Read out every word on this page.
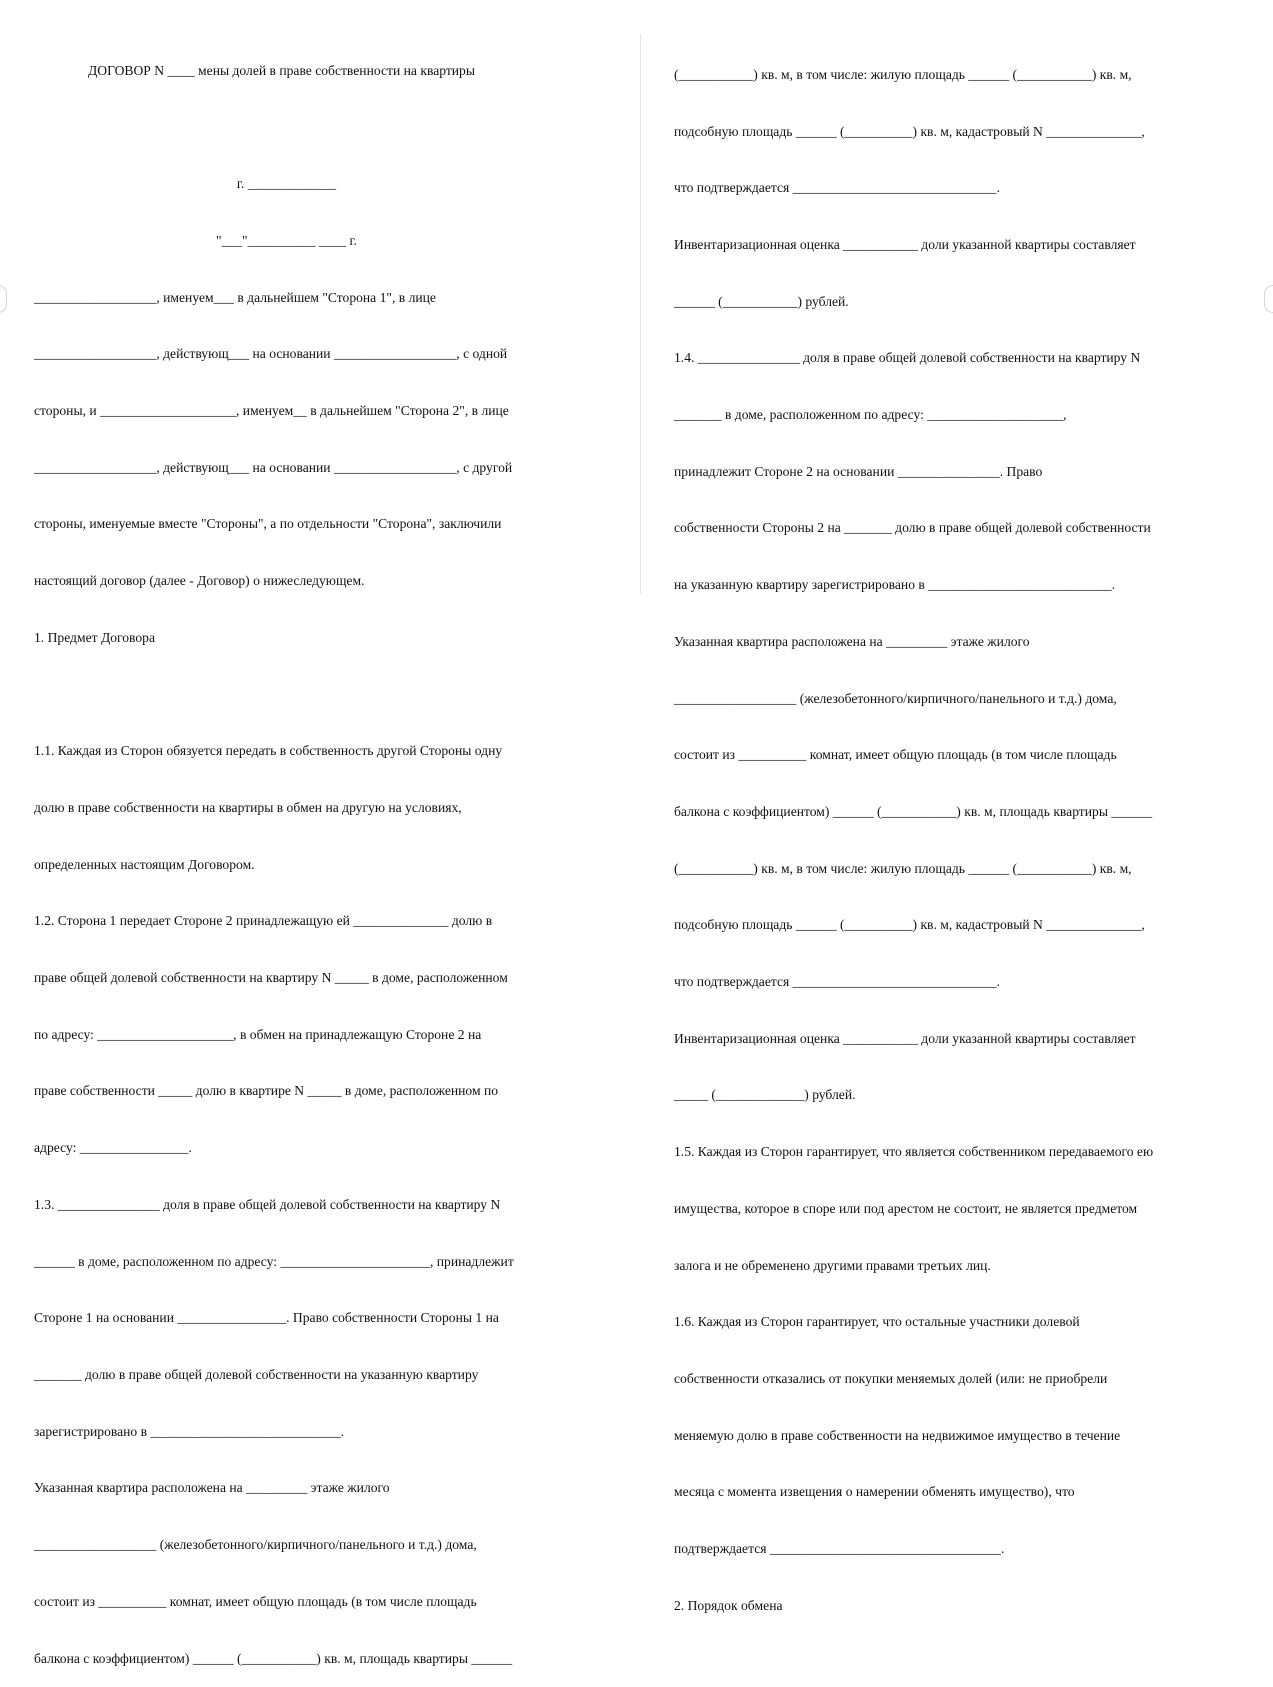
ДОГОВОР N ____ мены долей в праве собственности на квартиры

г. _____________

"___"__________ ____ г.

__________________, именуем___ в дальнейшем "Сторона 1", в лице

__________________, действующ___ на основании __________________, с одной

стороны, и ____________________, именуем__ в дальнейшем "Сторона 2", в лице

__________________, действующ___ на основании __________________, с другой

стороны, именуемые вместе "Стороны", а по отдельности "Сторона", заключили

настоящий договор (далее - Договор) о нижеследующем.

1. Предмет Договора

1.1. Каждая из Сторон обязуется передать в собственность другой Стороны одну

долю в праве собственности на квартиры в обмен на другую на условиях,

определенных настоящим Договором.

1.2. Сторона 1 передает Стороне 2 принадлежащую ей ______________ долю в

праве общей долевой собственности на квартиру N _____ в доме, расположенном

по адресу: ____________________, в обмен на принадлежащую Стороне 2 на

праве собственности _____ долю в квартире N _____ в доме, расположенном по

адресу: ________________.

1.3. _______________ доля в праве общей долевой собственности на квартиру N

______ в доме, расположенном по адресу: ______________________, принадлежит

Стороне 1 на основании ________________. Право собственности Стороны 1 на

_______ долю в праве общей долевой собственности на указанную квартиру

зарегистрировано в ____________________________.

Указанная квартира расположена на _________ этаже жилого

__________________ (железобетонного/кирпичного/панельного и т.д.) дома,

состоит из __________ комнат, имеет общую площадь (в том числе площадь

балкона с коэффициентом) ______ (___________) кв. м, площадь квартиры ______

(___________) кв. м, в том числе: жилую площадь ______ (___________) кв. м,

подсобную площадь ______ (__________) кв. м, кадастровый N ______________,

что подтверждается ______________________________.

Инвентаризационная оценка ___________ доли указанной квартиры составляет

______ (___________) рублей.

1.4. _______________ доля в праве общей долевой собственности на квартиру N

_______ в доме, расположенном по адресу: ____________________,

принадлежит Стороне 2 на основании _______________. Право

собственности Стороны 2 на _______ долю в праве общей долевой собственности

на указанную квартиру зарегистрировано в ___________________________.

Указанная квартира расположена на _________ этаже жилого

__________________ (железобетонного/кирпичного/панельного и т.д.) дома,

состоит из __________ комнат, имеет общую площадь (в том числе площадь

балкона с коэффициентом) ______ (___________) кв. м, площадь квартиры ______

(___________) кв. м, в том числе: жилую площадь ______ (___________) кв. м,

подсобную площадь ______ (__________) кв. м, кадастровый N ______________,

что подтверждается ______________________________.

Инвентаризационная оценка ___________ доли указанной квартиры составляет

_____ (_____________) рублей.

1.5. Каждая из Сторон гарантирует, что является собственником передаваемого ею

имущества, которое в споре или под арестом не состоит, не является предметом

залога и не обременено другими правами третьих лиц.

1.6. Каждая из Сторон гарантирует, что остальные участники долевой

собственности отказались от покупки меняемых долей (или: не приобрели

меняемую долю в праве собственности на недвижимое имущество в течение

месяца с момента извещения о намерении обменять имущество), что

подтверждается __________________________________.

2. Порядок обмена
